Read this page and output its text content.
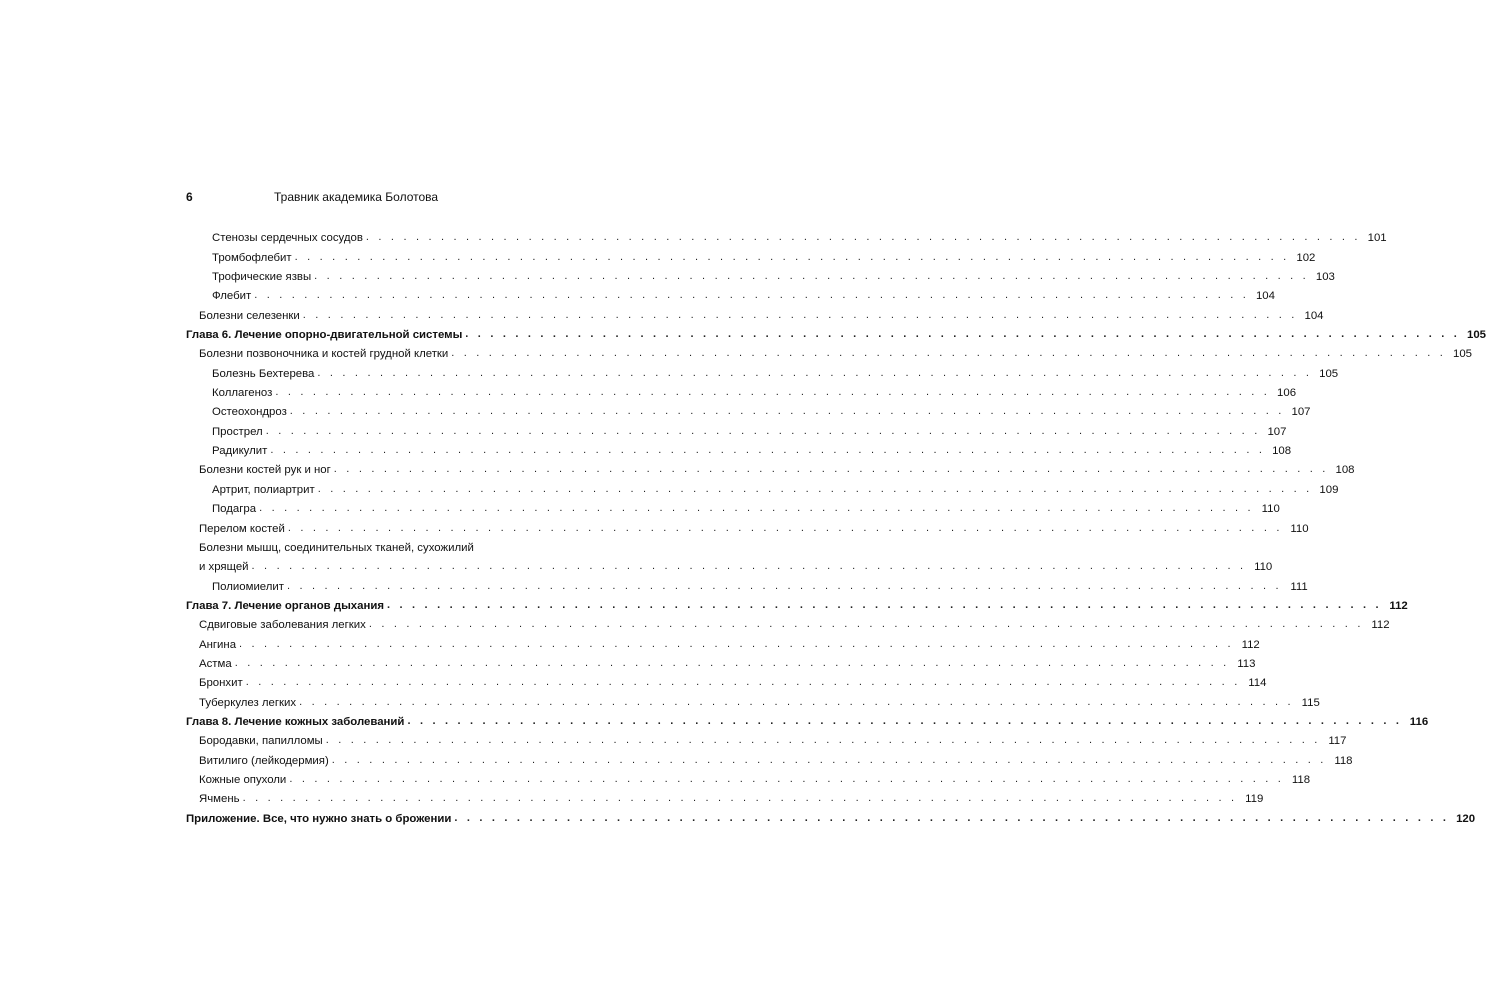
6	Травник академика Болотова
Стенозы сердечных сосудов . . . . . . . . . . . . . . . . . . . . . . . . . . . . . . . . . . . . . . . . . . . . . . . . . . . . . . . . . . . . . . . . . . . . . . . . . . . . . . . . 101
Тромбофлебит . . . . . . . . . . . . . . . . . . . . . . . . . . . . . . . . . . . . . . . . . . . . . . . . . . . . . . . . . . . . . . . . . . . . . . . . . . . . . . . . 102
Трофические язвы . . . . . . . . . . . . . . . . . . . . . . . . . . . . . . . . . . . . . . . . . . . . . . . . . . . . . . . . . . . . . . . . . . . . . . . . . . . . . . . . 103
Флебит . . . . . . . . . . . . . . . . . . . . . . . . . . . . . . . . . . . . . . . . . . . . . . . . . . . . . . . . . . . . . . . . . . . . . . . . . . . . . . . . 104
Болезни селезенки . . . . . . . . . . . . . . . . . . . . . . . . . . . . . . . . . . . . . . . . . . . . . . . . . . . . . . . . . . . . . . . . . . . . . . . . . . . . . . . . 104
Глава 6. Лечение опорно-двигательной системы . . . . . . . . . . . . . . . . . . . . . . . . . . . . . . . . . . . . . . . . . . . . . . . . . . . . . . . . . . . . . . . . . . . . . . . . . . . . . . . . 105
Болезни позвоночника и костей грудной клетки . . . . . . . . . . . . . . . . . . . . . . . . . . . . . . . . . . . . . . . . . . . . . . . . . . . . . . . . . . . . . . . . . . . . . . . . . . . . . . . . 105
Болезнь Бехтерева . . . . . . . . . . . . . . . . . . . . . . . . . . . . . . . . . . . . . . . . . . . . . . . . . . . . . . . . . . . . . . . . . . . . . . . . . . . . . . . . 105
Коллагеноз . . . . . . . . . . . . . . . . . . . . . . . . . . . . . . . . . . . . . . . . . . . . . . . . . . . . . . . . . . . . . . . . . . . . . . . . . . . . . . . . 106
Остеохондроз . . . . . . . . . . . . . . . . . . . . . . . . . . . . . . . . . . . . . . . . . . . . . . . . . . . . . . . . . . . . . . . . . . . . . . . . . . . . . . . . 107
Прострел . . . . . . . . . . . . . . . . . . . . . . . . . . . . . . . . . . . . . . . . . . . . . . . . . . . . . . . . . . . . . . . . . . . . . . . . . . . . . . . . 107
Радикулит . . . . . . . . . . . . . . . . . . . . . . . . . . . . . . . . . . . . . . . . . . . . . . . . . . . . . . . . . . . . . . . . . . . . . . . . . . . . . . . . 108
Болезни костей рук и ног . . . . . . . . . . . . . . . . . . . . . . . . . . . . . . . . . . . . . . . . . . . . . . . . . . . . . . . . . . . . . . . . . . . . . . . . . . . . . . . . 108
Артрит, полиартрит . . . . . . . . . . . . . . . . . . . . . . . . . . . . . . . . . . . . . . . . . . . . . . . . . . . . . . . . . . . . . . . . . . . . . . . . . . . . . . . . 109
Подагра . . . . . . . . . . . . . . . . . . . . . . . . . . . . . . . . . . . . . . . . . . . . . . . . . . . . . . . . . . . . . . . . . . . . . . . . . . . . . . . . 110
Перелом костей . . . . . . . . . . . . . . . . . . . . . . . . . . . . . . . . . . . . . . . . . . . . . . . . . . . . . . . . . . . . . . . . . . . . . . . . . . . . . . . . 110
Болезни мышц, соединительных тканей, сухожилий
и хрящей . . . . . . . . . . . . . . . . . . . . . . . . . . . . . . . . . . . . . . . . . . . . . . . . . . . . . . . . . . . . . . . . . . . . . . . . . . . . . . . . 110
Полиомиелит . . . . . . . . . . . . . . . . . . . . . . . . . . . . . . . . . . . . . . . . . . . . . . . . . . . . . . . . . . . . . . . . . . . . . . . . . . . . . . . . 111
Глава 7. Лечение органов дыхания . . . . . . . . . . . . . . . . . . . . . . . . . . . . . . . . . . . . . . . . . . . . . . . . . . . . . . . . . . . . . . . . . . . . . . . . . . . . . . . . 112
Сдвиговые заболевания легких . . . . . . . . . . . . . . . . . . . . . . . . . . . . . . . . . . . . . . . . . . . . . . . . . . . . . . . . . . . . . . . . . . . . . . . . . . . . . . . . 112
Ангина . . . . . . . . . . . . . . . . . . . . . . . . . . . . . . . . . . . . . . . . . . . . . . . . . . . . . . . . . . . . . . . . . . . . . . . . . . . . . . . . 112
Астма . . . . . . . . . . . . . . . . . . . . . . . . . . . . . . . . . . . . . . . . . . . . . . . . . . . . . . . . . . . . . . . . . . . . . . . . . . . . . . . . 113
Бронхит . . . . . . . . . . . . . . . . . . . . . . . . . . . . . . . . . . . . . . . . . . . . . . . . . . . . . . . . . . . . . . . . . . . . . . . . . . . . . . . . 114
Туберкулез легких . . . . . . . . . . . . . . . . . . . . . . . . . . . . . . . . . . . . . . . . . . . . . . . . . . . . . . . . . . . . . . . . . . . . . . . . . . . . . . . . 115
Глава 8. Лечение кожных заболеваний . . . . . . . . . . . . . . . . . . . . . . . . . . . . . . . . . . . . . . . . . . . . . . . . . . . . . . . . . . . . . . . . . . . . . . . . . . . . . . . . 116
Бородавки, папилломы . . . . . . . . . . . . . . . . . . . . . . . . . . . . . . . . . . . . . . . . . . . . . . . . . . . . . . . . . . . . . . . . . . . . . . . . . . . . . . . . 117
Витилиго (лейкодермия) . . . . . . . . . . . . . . . . . . . . . . . . . . . . . . . . . . . . . . . . . . . . . . . . . . . . . . . . . . . . . . . . . . . . . . . . . . . . . . . . 118
Кожные опухоли . . . . . . . . . . . . . . . . . . . . . . . . . . . . . . . . . . . . . . . . . . . . . . . . . . . . . . . . . . . . . . . . . . . . . . . . . . . . . . . . 118
Ячмень . . . . . . . . . . . . . . . . . . . . . . . . . . . . . . . . . . . . . . . . . . . . . . . . . . . . . . . . . . . . . . . . . . . . . . . . . . . . . . . . 119
Приложение. Все, что нужно знать о брожении . . . . . . . . . . . . . . . . . . . . . . . . . . . . . . . . . . . . . . . . . . . . . . . . . . . . . . . . . . . . . . . . . . . . . . . . . . . . . . . . 120
